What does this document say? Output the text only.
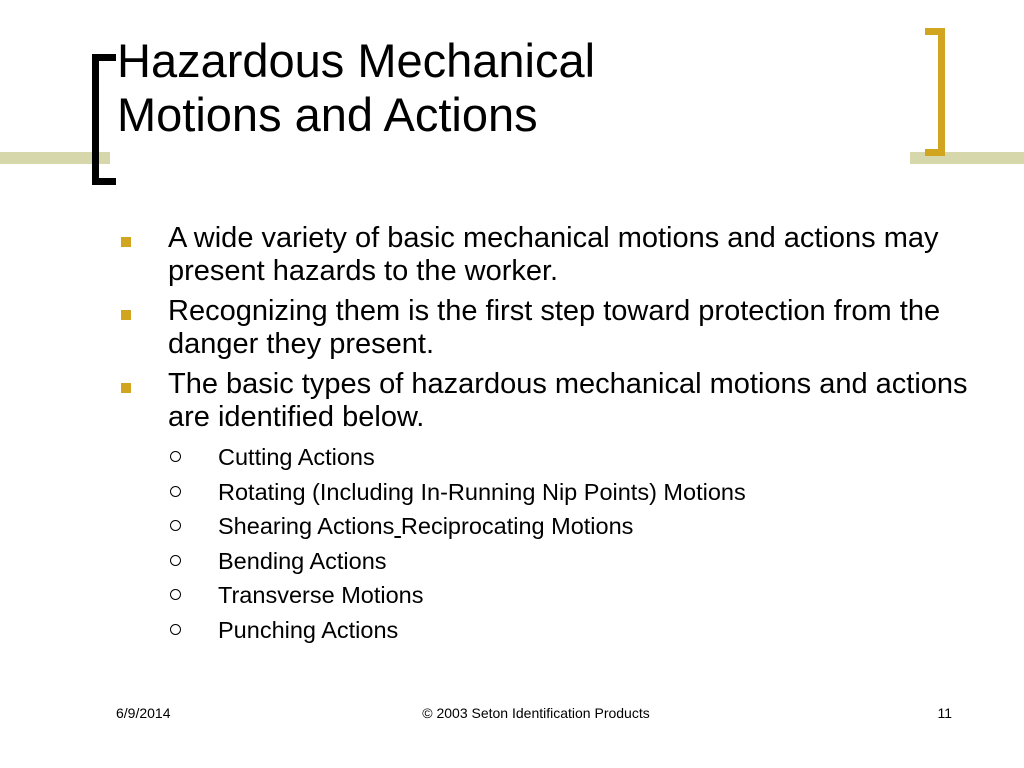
Hazardous Mechanical
Motions and Actions
A wide variety of basic mechanical motions and actions may present hazards to the worker.
Recognizing them is the first step toward protection from the danger they present.
The basic types of hazardous mechanical motions and actions are identified below.
Cutting Actions
Rotating (Including In-Running Nip Points) Motions
Shearing Actions Reciprocating Motions
Bending Actions
Transverse Motions
Punching Actions
6/9/2014	© 2003 Seton Identification Products	11
